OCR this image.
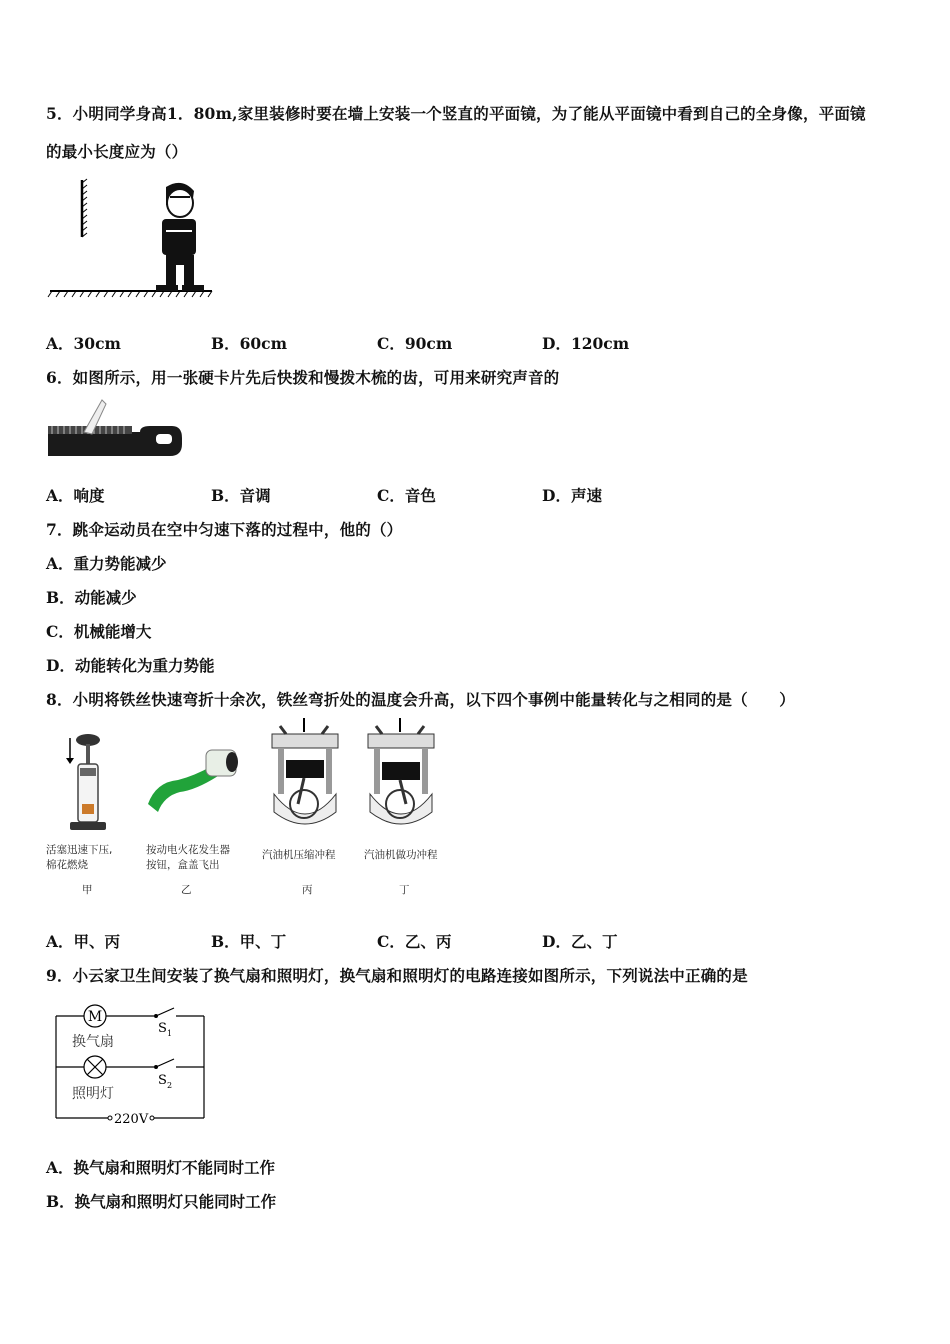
5．小明同学身高1．80m,家里装修时要在墙上安装一个竖直的平面镜，为了能从平面镜中看到自己的全身像，平面镜
的最小长度应为（）
A．30cm	B．60cm	C．90cm	D．120cm
6．如图所示，用一张硬卡片先后快拨和慢拨木梳的齿，可用来研究声音的
A．响度	B．音调	C．音色	D．声速
7．跳伞运动员在空中匀速下落的过程中，他的（）
A．重力势能减少
B．动能减少
C．机械能增大
D．动能转化为重力势能
8．小明将铁丝快速弯折十余次，铁丝弯折处的温度会升高，以下四个事例中能量转化与之相同的是（　　）
活塞迅速下压,
棉花燃烧
甲
按动电火花发生器
按钮，盒盖飞出
乙
汽油机压缩冲程
丙
汽油机做功冲程
丁
A．甲、丙	B．甲、丁	C．乙、丙	D．乙、丁
9．小云家卫生间安装了换气扇和照明灯，换气扇和照明灯的电路连接如图所示，下列说法中正确的是
M
S 1
换气扇
S 2
照明灯
220V
A．换气扇和照明灯不能同时工作
B．换气扇和照明灯只能同时工作
